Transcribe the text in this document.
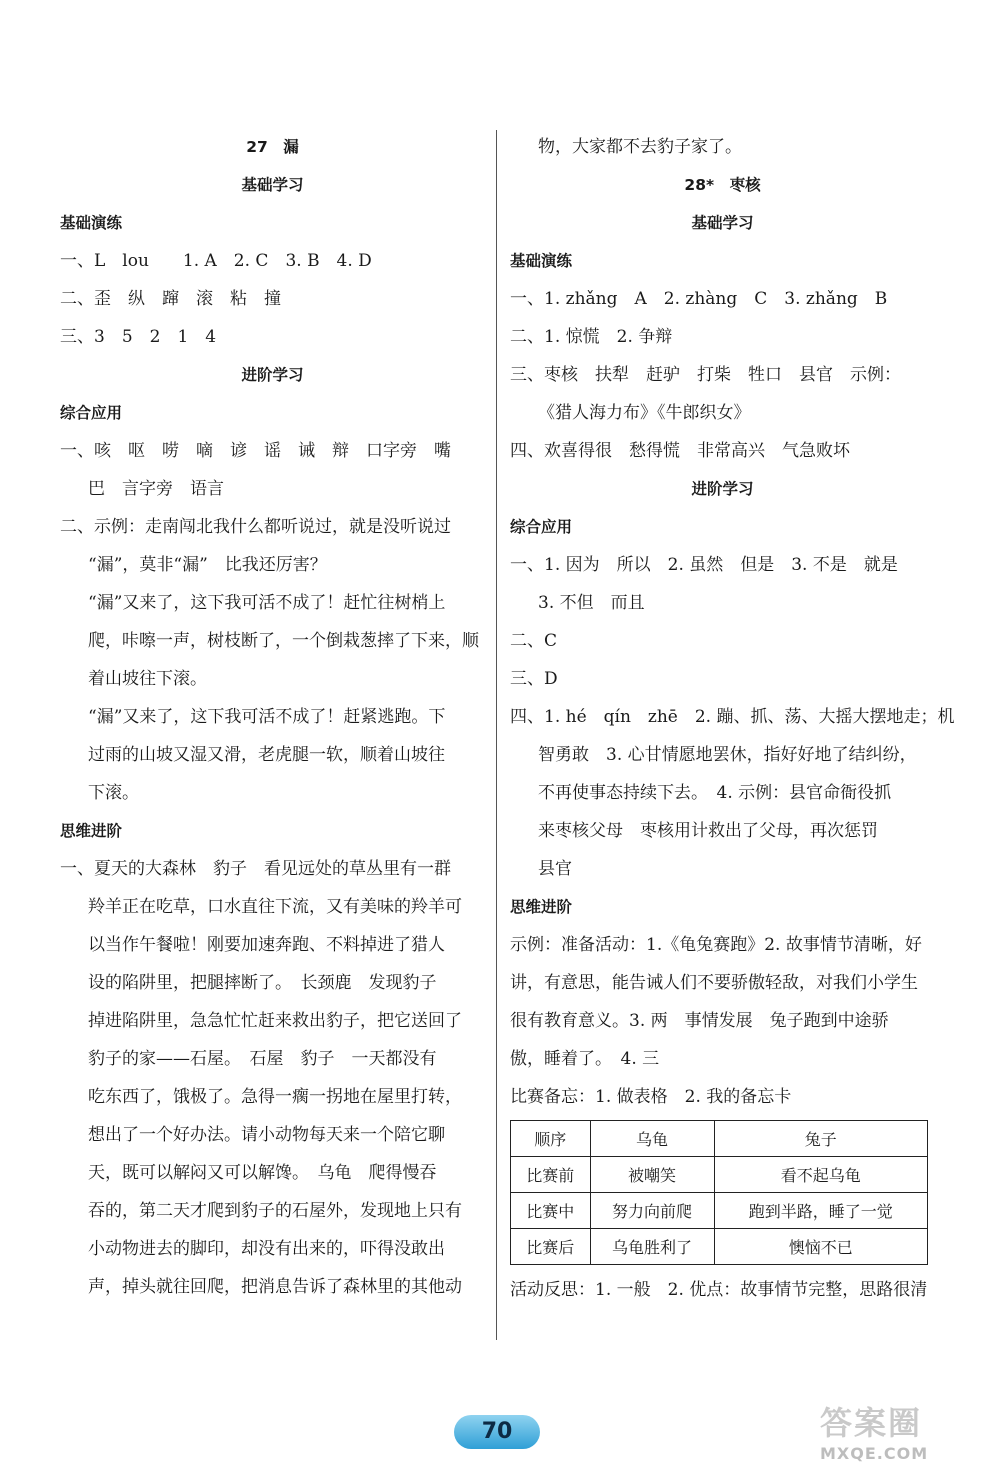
27　漏
基础学习
基础演练
一、L　lou　　1. A　2. C　3. B　4. D
二、歪　纵　蹿　滚　粘　撞
三、3　5　2　1　4
进阶学习
综合应用
一、咳　呕　唠　嘀　谚　谣　诫　辩　口字旁　嘴
巴　言字旁　语言
二、示例：走南闯北我什么都听说过，就是没听说过
“漏”，莫非“漏”　比我还厉害？
“漏”又来了，这下我可活不成了！赶忙往树梢上
爬，咔嚓一声，树枝断了，一个倒栽葱摔了下来，顺
着山坡往下滚。
“漏”又来了，这下我可活不成了！赶紧逃跑。下
过雨的山坡又湿又滑，老虎腿一软，顺着山坡往
下滚。
思维进阶
一、夏天的大森林　豹子　看见远处的草丛里有一群
羚羊正在吃草，口水直往下流，又有美味的羚羊可
以当作午餐啦！刚要加速奔跑、不料掉进了猎人
设的陷阱里，把腿摔断了。　长颈鹿　发现豹子
掉进陷阱里，急急忙忙赶来救出豹子，把它送回了
豹子的家——石屋。　石屋　豹子　一天都没有
吃东西了，饿极了。急得一瘸一拐地在屋里打转，
想出了一个好办法。请小动物每天来一个陪它聊
天，既可以解闷又可以解馋。　乌龟　爬得慢吞
吞的，第二天才爬到豹子的石屋外，发现地上只有
小动物进去的脚印，却没有出来的，吓得没敢出
声，掉头就往回爬，把消息告诉了森林里的其他动
物，大家都不去豹子家了。
28*　枣核
基础学习
基础演练
一、1. zhǎng　A　2. zhàng　C　3. zhǎng　B
二、1. 惊慌　2. 争辩
三、枣核　扶犁　赶驴　打柴　牲口　县官　示例：
《猎人海力布》《牛郎织女》
四、欢喜得很　愁得慌　非常高兴　气急败坏
进阶学习
综合应用
一、1. 因为　所以　2. 虽然　但是　3. 不是　就是
3. 不但　而且
二、C
三、D
四、1. hé　qín　zhē　2. 蹦、抓、荡、大摇大摆地走；机
智勇敢　3. 心甘情愿地罢休，指好好地了结纠纷，
不再使事态持续下去。　4. 示例：县官命衙役抓
来枣核父母　枣核用计救出了父母，再次惩罚
县官
思维进阶
示例：准备活动：1.《龟兔赛跑》2. 故事情节清晰，好
讲，有意思，能告诫人们不要骄傲轻敌，对我们小学生
很有教育意义。3. 两　事情发展　兔子跑到中途骄
傲，睡着了。　4. 三
比赛备忘：1. 做表格　2. 我的备忘卡
顺序	乌龟	兔子
比赛前	被嘲笑	看不起乌龟
比赛中	努力向前爬	跑到半路，睡了一觉
比赛后	乌龟胜利了	懊恼不已
活动反思：1. 一般　2. 优点：故事情节完整，思路很清
70	答案圈
MXQE.COM
